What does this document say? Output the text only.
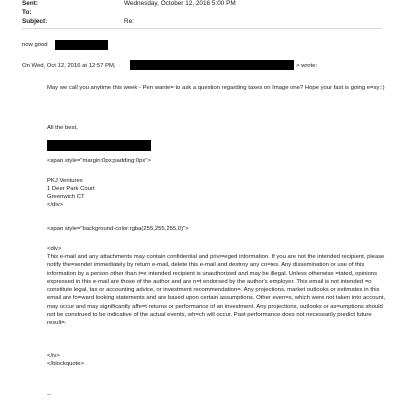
Sent:	Wednesday, October 12, 2016 5:00 PM
To:
Subject:	Re:
now good
On Wed, Oct 12, 2016 at 12:57 PM,	> wrote:
May we call you anytime this week - Pen wante= to ask a question regarding taxes on Image one? Hope your fast is going e=sy::)
All the best,
<span style="margin:0px;padding:0px">
PKJ Ventures
1 Deer Park Court
Greenwich CT
</div>
<span style="background-color:rgba(255,255,255,0)">
<div>
This e-mail and any attachments may contain confidential and privi=eged information. If you are not the intended recipient, please notify the=sender immediately by return e-mail, delete this e-mail and destroy any co=ies. Any dissemination or use of this information by a person other than t=e intended recipient is unauthorized and may be illegal. Unless otherwise =tated, opinions expressed in this e-mail are those of the author and are n=t endorsed by the author's employer. This email is not intended =o constitute legal, tax or accounting advice, or investment recommendation=. Any projections, market outlooks or estimates in this email are fo=ward looking statements and are based upon certain assumptions. Other even=s, which were not taken into account, may occur and may significantly affe=t returns or performance of an investment. Any projections, outlooks or as=umptions should not be construed to be indicative of the actual events, wh=ch will occur. Past performance does not necessarily predict future result=.
</iv>
</blockquote>
--
